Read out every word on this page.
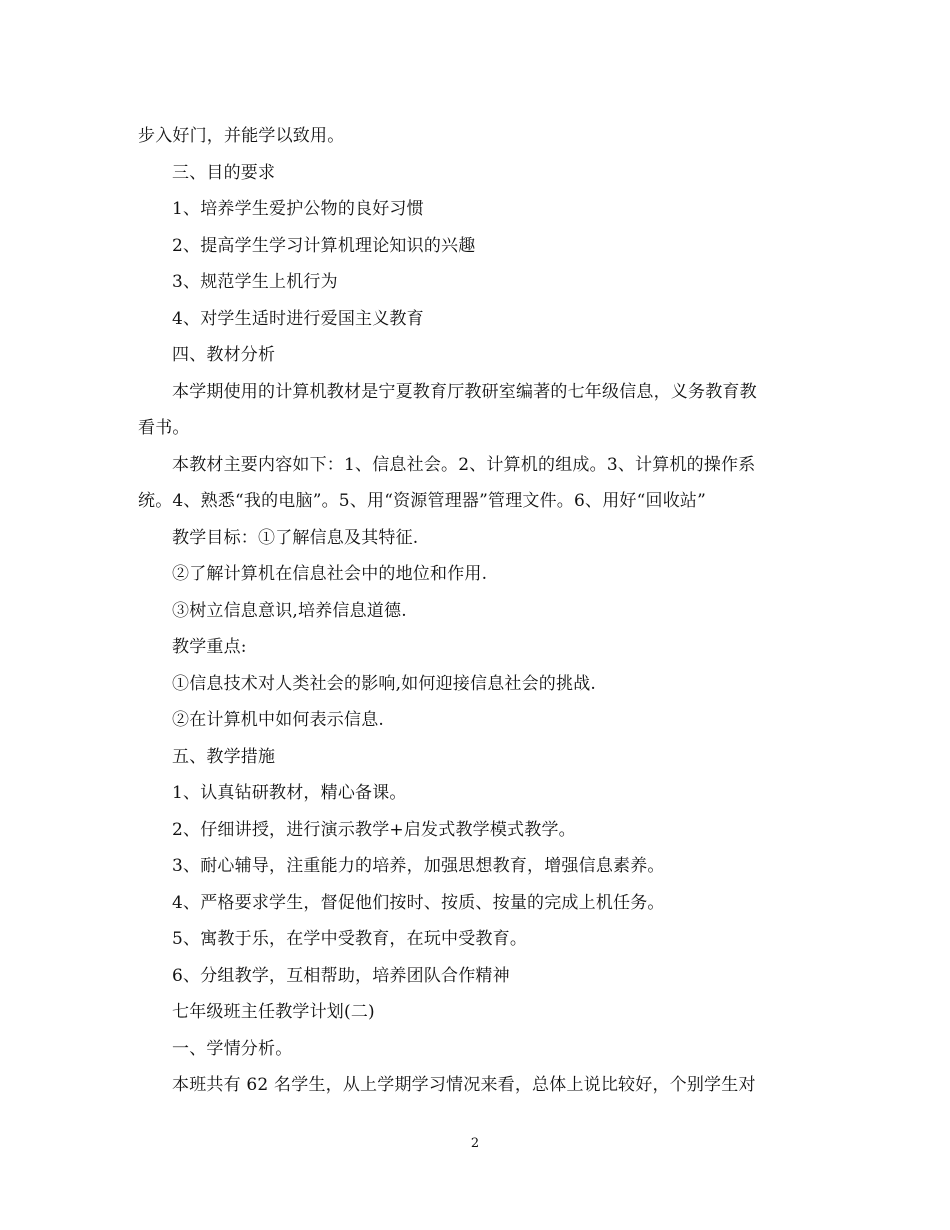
步入好门，并能学以致用。
三、目的要求
1、培养学生爱护公物的良好习惯
2、提高学生学习计算机理论知识的兴趣
3、规范学生上机行为
4、对学生适时进行爱国主义教育
四、教材分析
本学期使用的计算机教材是宁夏教育厅教研室编著的七年级信息，义务教育教
看书。
本教材主要内容如下：1、信息社会。2、计算机的组成。3、计算机的操作系
统。4、熟悉“我的电脑”。5、用“资源管理器”管理文件。6、用好“回收站”
教学目标：①了解信息及其特征.
②了解计算机在信息社会中的地位和作用.
③树立信息意识,培养信息道德.
教学重点:
①信息技术对人类社会的影响,如何迎接信息社会的挑战.
②在计算机中如何表示信息.
五、教学措施
1、认真钻研教材，精心备课。
2、仔细讲授，进行演示教学+启发式教学模式教学。
3、耐心辅导，注重能力的培养，加强思想教育，增强信息素养。
4、严格要求学生，督促他们按时、按质、按量的完成上机任务。
5、寓教于乐，在学中受教育，在玩中受教育。
6、分组教学，互相帮助，培养团队合作精神
七年级班主任教学计划(二)
一、学情分析。
本班共有 62 名学生，从上学期学习情况来看，总体上说比较好，个别学生对
2
